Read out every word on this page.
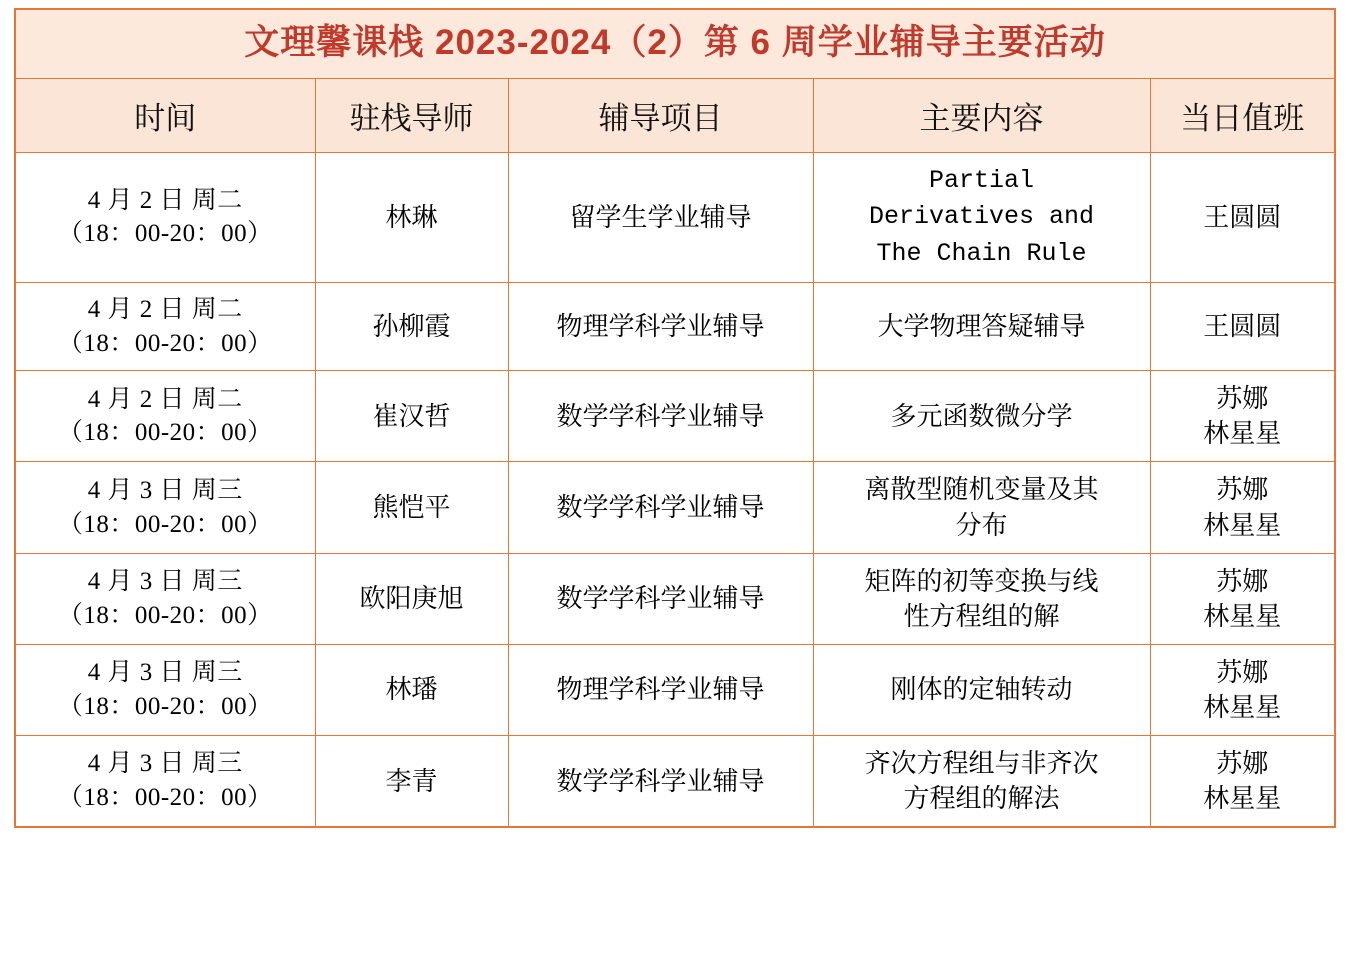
文理馨课栈 2023-2024（2）第 6 周学业辅导主要活动				

时间	驻栈导师	辅导项目	主要内容	当日值班

4 月 2 日 周二
（18：00-20：00）	林琳	留学生学业辅导	Partial
Derivatives and
The Chain Rule	王圆圆

4 月 2 日 周二
（18：00-20：00）	孙柳霞	物理学科学业辅导	大学物理答疑辅导	王圆圆

4 月 2 日 周二
（18：00-20：00）	崔汉哲	数学学科学业辅导	多元函数微分学	苏娜
林星星

4 月 3 日 周三
（18：00-20：00）	熊恺平	数学学科学业辅导	离散型随机变量及其
分布	苏娜
林星星

4 月 3 日 周三
（18：00-20：00）	欧阳庚旭	数学学科学业辅导	矩阵的初等变换与线
性方程组的解	苏娜
林星星

4 月 3 日 周三
（18：00-20：00）	林璠	物理学科学业辅导	刚体的定轴转动	苏娜
林星星

4 月 3 日 周三
（18：00-20：00）	李青	数学学科学业辅导	齐次方程组与非齐次
方程组的解法	苏娜
林星星
